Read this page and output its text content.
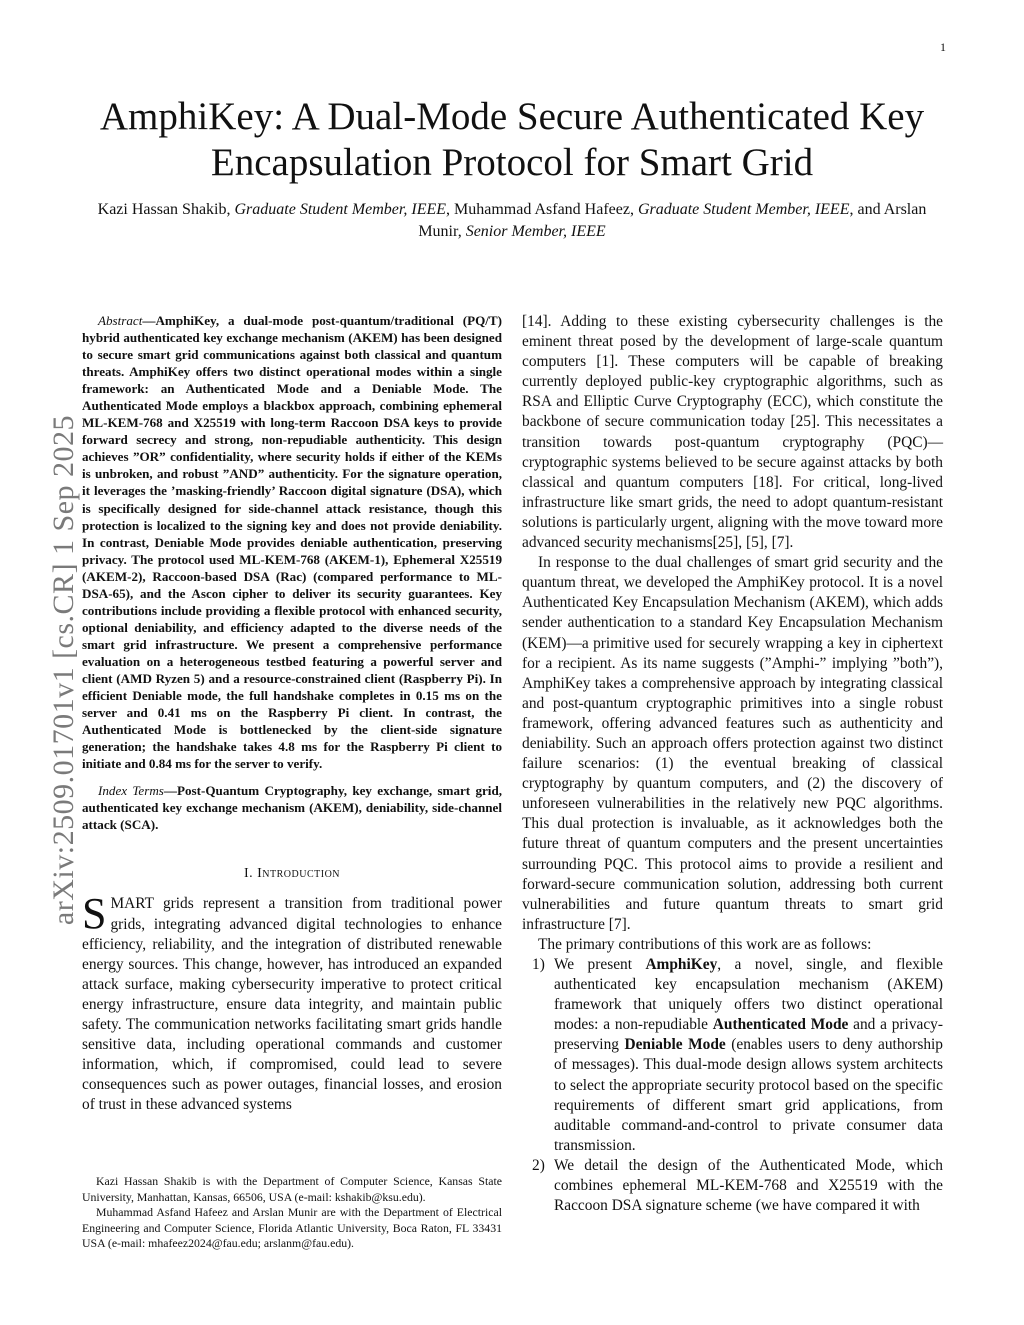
1
arXiv:2509.01701v1 [cs.CR] 1 Sep 2025
AmphiKey: A Dual-Mode Secure Authenticated Key
Encapsulation Protocol for Smart Grid
Kazi Hassan Shakib, Graduate Student Member, IEEE, Muhammad Asfand Hafeez, Graduate Student Member, IEEE, and Arslan Munir, Senior Member, IEEE

Abstract—AmphiKey, a dual-mode post-quantum/traditional (PQ/T) hybrid authenticated key exchange mechanism (AKEM) has been designed to secure smart grid communications against both classical and quantum threats. AmphiKey offers two distinct operational modes within a single framework: an Authenticated Mode and a Deniable Mode. The Authenticated Mode employs a blackbox approach, combining ephemeral ML-KEM-768 and X25519 with long-term Raccoon DSA keys to provide forward secrecy and strong, non-repudiable authenticity. This design achieves ”OR” confidentiality, where security holds if either of the KEMs is unbroken, and robust ”AND” authenticity. For the signature operation, it leverages the ’masking-friendly’ Raccoon digital signature (DSA), which is specifically designed for side-channel attack resistance, though this protection is localized to the signing key and does not provide deniability. In contrast, Deniable Mode provides deniable authentication, preserving privacy. The protocol used ML-KEM-768 (AKEM-1), Ephemeral X25519 (AKEM-2), Raccoon-based DSA (Rac) (compared performance to ML-DSA-65), and the Ascon cipher to deliver its security guarantees. Key contributions include providing a flexible protocol with enhanced security, optional deniability, and efficiency adapted to the diverse needs of the smart grid infrastructure. We present a comprehensive performance evaluation on a heterogeneous testbed featuring a powerful server and client (AMD Ryzen 5) and a resource-constrained client (Raspberry Pi). In efficient Deniable mode, the full handshake completes in 0.15 ms on the server and 0.41 ms on the Raspberry Pi client. In contrast, the Authenticated Mode is bottlenecked by the client-side signature generation; the handshake takes 4.8 ms for the Raspberry Pi client to initiate and 0.84 ms for the server to verify.

Index Terms—Post-Quantum Cryptography, key exchange, smart grid, authenticated key exchange mechanism (AKEM), deniability, side-channel attack (SCA).

I. Introduction

SMART grids represent a transition from traditional power grids, integrating advanced digital technologies to enhance efficiency, reliability, and the integration of distributed renewable energy sources. This change, however, has introduced an expanded attack surface, making cybersecurity imperative to protect critical energy infrastructure, ensure data integrity, and maintain public safety. The communication networks facilitating smart grids handle sensitive data, including operational commands and customer information, which, if compromised, could lead to severe consequences such as power outages, financial losses, and erosion of trust in these advanced systems

Kazi Hassan Shakib is with the Department of Computer Science, Kansas State University, Manhattan, Kansas, 66506, USA (e-mail: kshakib@ksu.edu).

Muhammad Asfand Hafeez and Arslan Munir are with the Department of Electrical Engineering and Computer Science, Florida Atlantic University, Boca Raton, FL 33431 USA (e-mail: mhafeez2024@fau.edu; arslanm@fau.edu).

[14]. Adding to these existing cybersecurity challenges is the eminent threat posed by the development of large-scale quantum computers [1]. These computers will be capable of breaking currently deployed public-key cryptographic algorithms, such as RSA and Elliptic Curve Cryptography (ECC), which constitute the backbone of secure communication today [25]. This necessitates a transition towards post-quantum cryptography (PQC)—cryptographic systems believed to be secure against attacks by both classical and quantum computers [18]. For critical, long-lived infrastructure like smart grids, the need to adopt quantum-resistant solutions is particularly urgent, aligning with the move toward more advanced security mechanisms[25], [5], [7].

In response to the dual challenges of smart grid security and the quantum threat, we developed the AmphiKey protocol. It is a novel Authenticated Key Encapsulation Mechanism (AKEM), which adds sender authentication to a standard Key Encapsulation Mechanism (KEM)—a primitive used for securely wrapping a key in ciphertext for a recipient. As its name suggests (”Amphi-” implying ”both”), AmphiKey takes a comprehensive approach by integrating classical and post-quantum cryptographic primitives into a single robust framework, offering advanced features such as authenticity and deniability. Such an approach offers protection against two distinct failure scenarios: (1) the eventual breaking of classical cryptography by quantum computers, and (2) the discovery of unforeseen vulnerabilities in the relatively new PQC algorithms. This dual protection is invaluable, as it acknowledges both the future threat of quantum computers and the present uncertainties surrounding PQC. This protocol aims to provide a resilient and forward-secure communication solution, addressing both current vulnerabilities and future quantum threats to smart grid infrastructure [7].

The primary contributions of this work are as follows:

1) We present AmphiKey, a novel, single, and flexible authenticated key encapsulation mechanism (AKEM) framework that uniquely offers two distinct operational modes: a non-repudiable Authenticated Mode and a privacy-preserving Deniable Mode (enables users to deny authorship of messages). This dual-mode design allows system architects to select the appropriate security protocol based on the specific requirements of different smart grid applications, from auditable command-and-control to private consumer data transmission.
2) We detail the design of the Authenticated Mode, which combines ephemeral ML-KEM-768 and X25519 with the Raccoon DSA signature scheme (we have compared it with
